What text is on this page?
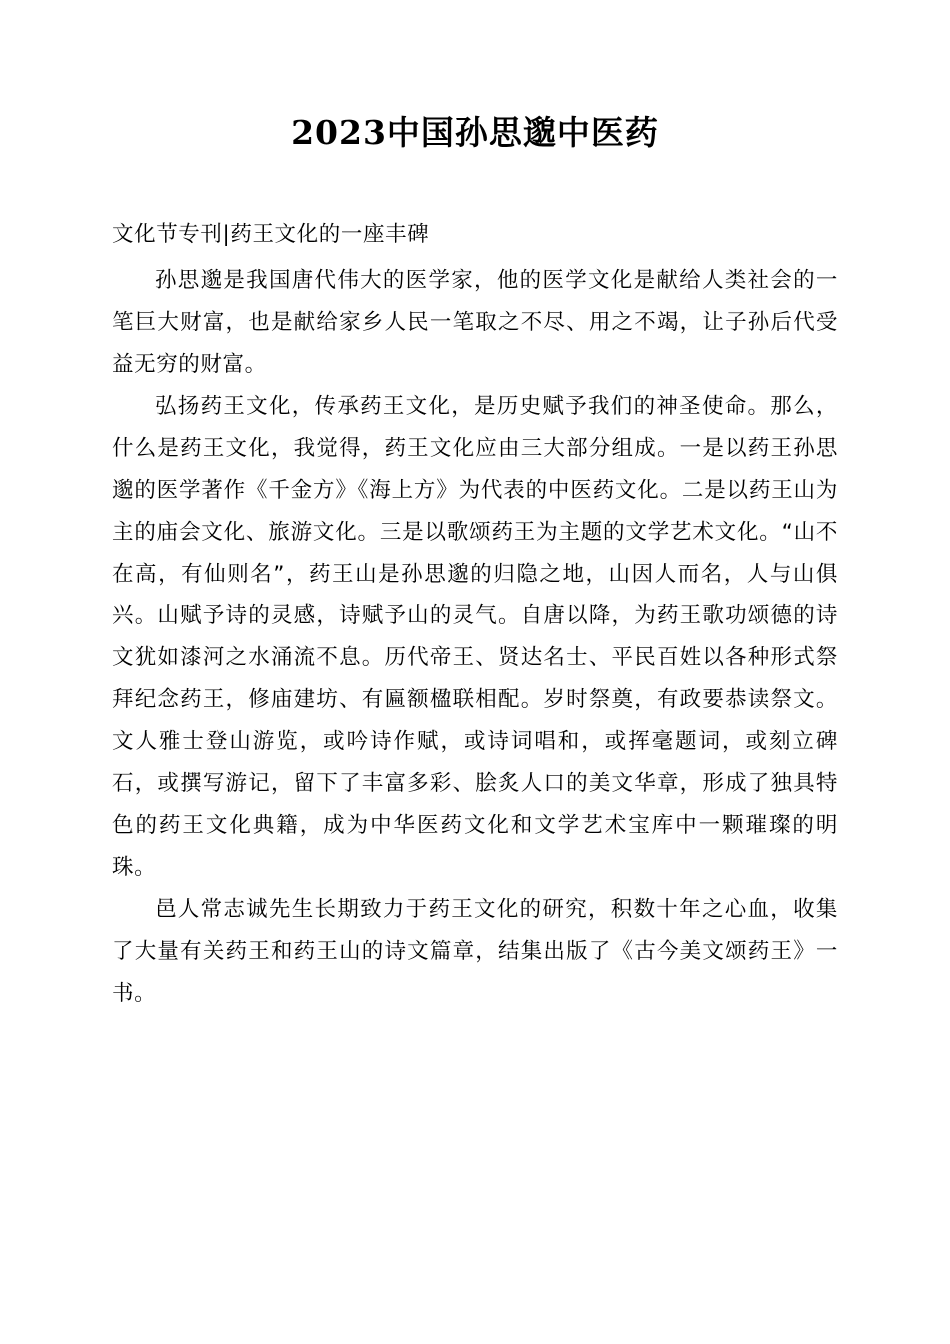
2023中国孙思邈中医药
文化节专刊|药王文化的一座丰碑

孙思邈是我国唐代伟大的医学家，他的医学文化是献给人类社会的一笔巨大财富，也是献给家乡人民一笔取之不尽、用之不竭，让子孙后代受益无穷的财富。

弘扬药王文化，传承药王文化，是历史赋予我们的神圣使命。那么，什么是药王文化，我觉得，药王文化应由三大部分组成。一是以药王孙思邈的医学著作《千金方》《海上方》为代表的中医药文化。二是以药王山为主的庙会文化、旅游文化。三是以歌颂药王为主题的文学艺术文化。“山不在高，有仙则名”，药王山是孙思邈的归隐之地，山因人而名，人与山俱兴。山赋予诗的灵感，诗赋予山的灵气。自唐以降，为药王歌功颂德的诗文犹如漆河之水涌流不息。历代帝王、贤达名士、平民百姓以各种形式祭拜纪念药王，修庙建坊、有匾额楹联相配。岁时祭奠，有政要恭读祭文。文人雅士登山游览，或吟诗作赋，或诗词唱和，或挥毫题词，或刻立碑石，或撰写游记，留下了丰富多彩、脍炙人口的美文华章，形成了独具特色的药王文化典籍，成为中华医药文化和文学艺术宝库中一颗璀璨的明珠。

邑人常志诚先生长期致力于药王文化的研究，积数十年之心血，收集了大量有关药王和药王山的诗文篇章，结集出版了《古今美文颂药王》一书。
